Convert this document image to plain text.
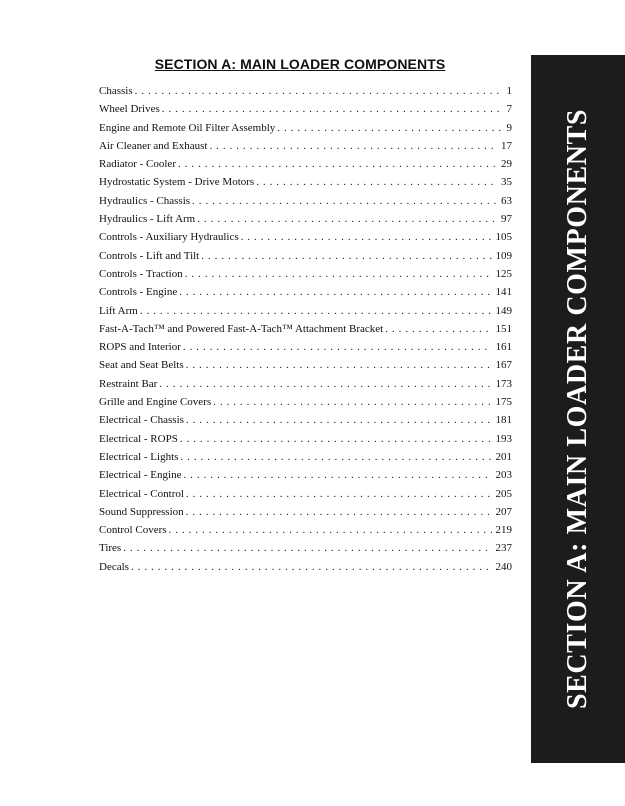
SECTION A: MAIN LOADER COMPONENTS
Chassis . . .	1
Wheel Drives . . .	7
Engine and Remote Oil Filter Assembly . . .	9
Air Cleaner and Exhaust . . .	17
Radiator - Cooler . . .	29
Hydrostatic System - Drive Motors . . .	35
Hydraulics - Chassis . . .	63
Hydraulics - Lift Arm . . .	97
Controls - Auxiliary Hydraulics . . .	105
Controls - Lift and Tilt . . .	109
Controls - Traction . . .	125
Controls - Engine . . .	141
Lift Arm . . .	149
Fast-A-Tach™ and Powered Fast-A-Tach™ Attachment Bracket . . .	151
ROPS and Interior . . .	161
Seat and Seat Belts . . .	167
Restraint Bar . . .	173
Grille and Engine Covers . . .	175
Electrical - Chassis . . .	181
Electrical - ROPS . . .	193
Electrical - Lights . . .	201
Electrical - Engine . . .	203
Electrical - Control . . .	205
Sound Suppression . . .	207
Control Covers . . .	219
Tires . . .	237
Decals . . .	240 SECTION A: MAIN LOADER COMPONENTS
